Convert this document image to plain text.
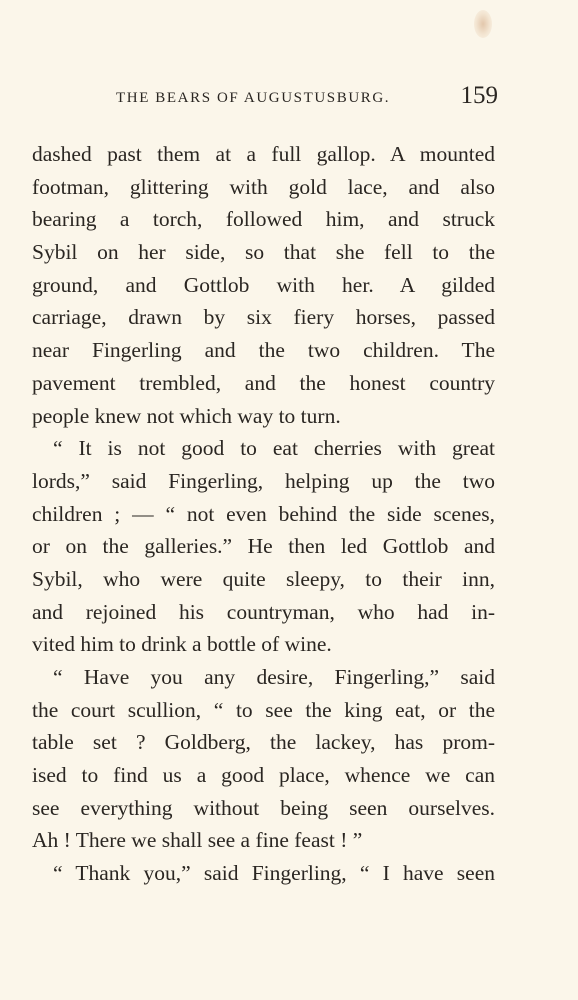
THE BEARS OF AUGUSTUSBURG.	159
dashed past them at a full gallop. A mounted
footman, glittering with gold lace, and also
bearing a torch, followed him, and struck
Sybil on her side, so that she fell to the
ground, and Gottlob with her. A gilded
carriage, drawn by six fiery horses, passed
near Fingerling and the two children. The
pavement trembled, and the honest country
people knew not which way to turn.
“ It is not good to eat cherries with great
lords,” said Fingerling, helping up the two
children ; — “ not even behind the side scenes,
or on the galleries.” He then led Gottlob and
Sybil, who were quite sleepy, to their inn,
and rejoined his countryman, who had in-
vited him to drink a bottle of wine.
“ Have you any desire, Fingerling,” said
the court scullion, “ to see the king eat, or the
table set ? Goldberg, the lackey, has prom-
ised to find us a good place, whence we can
see everything without being seen ourselves.
Ah ! There we shall see a fine feast ! ”
“ Thank you,” said Fingerling, “ I have seen
